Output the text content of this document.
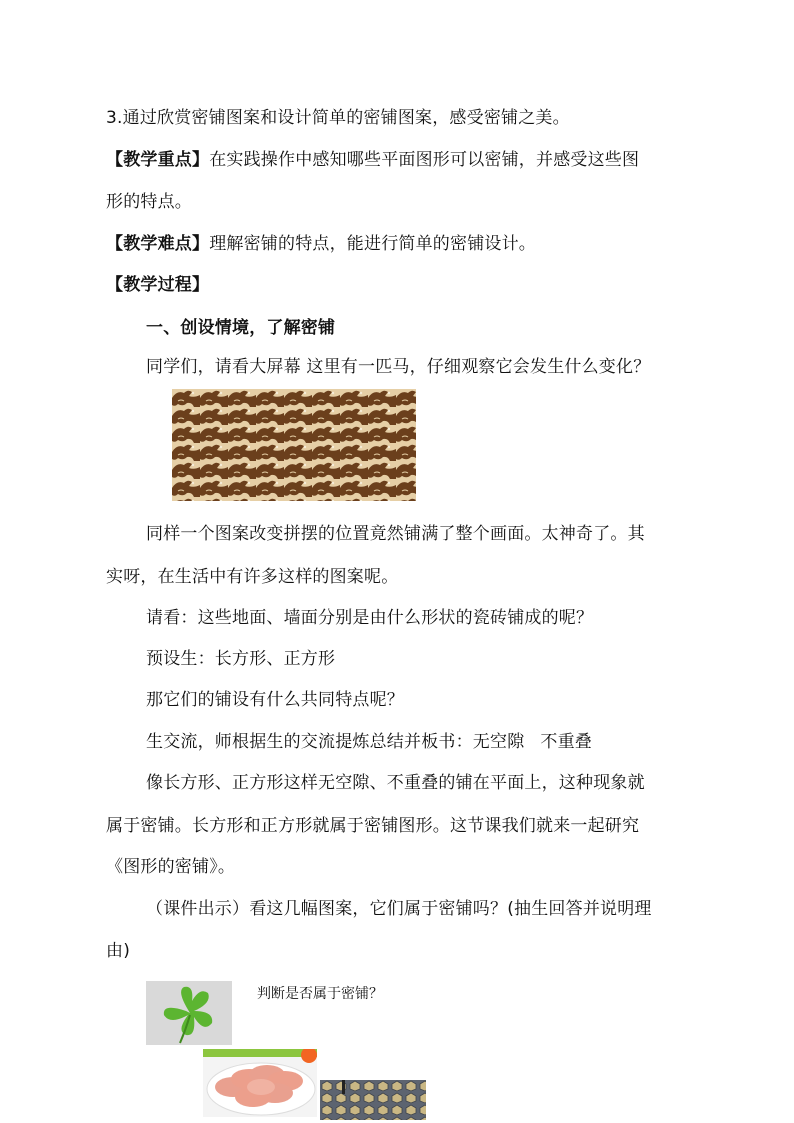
3.通过欣赏密铺图案和设计简单的密铺图案，感受密铺之美。
【教学重点】在实践操作中感知哪些平面图形可以密铺，并感受这些图
形的特点。
【教学难点】理解密铺的特点，能进行简单的密铺设计。
【教学过程】
一、创设情境，了解密铺
同学们，请看大屏幕 这里有一匹马，仔细观察它会发生什么变化？
同样一个图案改变拼摆的位置竟然铺满了整个画面。太神奇了。其
实呀，在生活中有许多这样的图案呢。
请看：这些地面、墙面分别是由什么形状的瓷砖铺成的呢？
预设生：长方形、正方形
那它们的铺设有什么共同特点呢？
生交流，师根据生的交流提炼总结并板书：无空隙 不重叠
像长方形、正方形这样无空隙、不重叠的铺在平面上，这种现象就
属于密铺。长方形和正方形就属于密铺图形。这节课我们就来一起研究
《图形的密铺》。
（课件出示）看这几幅图案，它们属于密铺吗？(抽生回答并说明理
由)
判断是否属于密铺？
